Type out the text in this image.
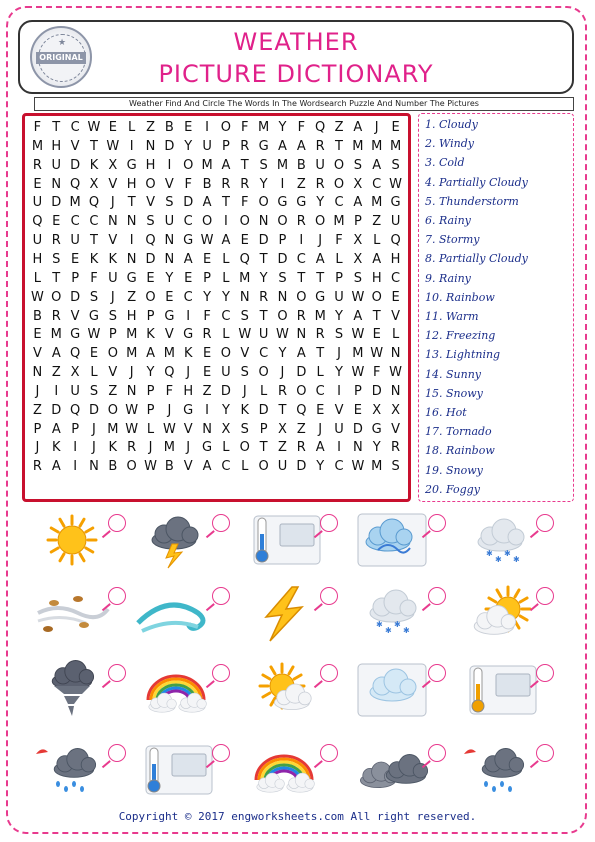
WEATHER
PICTURE DICTIONARY
★
ORIGINAL
Weather Find And Circle The Words In The Wordsearch Puzzle And Number The Pictures
F T C W E L Z B E I O F M Y F Q Z A J E
M H V T W I N D Y U P R G A A R T M M M
R U D K X G H I O M A T S M B U O S A S
E N Q X V H O V F B R R Y I Z R O X C W
U D M Q J T V S D A T F O G G Y C A M G
Q E C C N N S U C O I O N O R O M P Z U
U R U T V I Q N G W A E D P	I	J	F X L Q
H S E K K N D N A E L Q T D C A L X A H
L T P F U G E Y E P L M Y S T T P S H C
W O D S J Z O E C Y Y N R N O G U W O E
B R V G S H P G I	F C S T O R M Y A T V
E M G W P M K V G R L W U W N R S W E L
V A Q E O M A M K E O V C Y A T J M W N
N Z X L V J Y Q J E U S O J D L Y W F W
J	I U S Z N P F H Z D J	L R O C I	P D N
Z D Q D O W P	J G I Y K D T Q E V E X X
P A P	J M W L W V N X S P X Z J U D G V
J K I	J K R J M J G L O T Z R A I N Y R
R A I N B O W B V A C L O U D Y C W M S
1. Cloudy
2. Windy
3. Cold
4. Partially Cloudy
5. Thunderstorm
6. Rainy
7. Stormy
8. Partially Cloudy
9. Rainy
10. Rainbow
11. Warm
12. Freezing
13. Lightning
14. Sunny
15. Snowy
16. Hot
17. Tornado
18. Rainbow
19. Snowy
20. Foggy
✱
✱
✱
✱
✱
✱
✱
✱
Copyright © 2017 engworksheets.com All right reserved.
